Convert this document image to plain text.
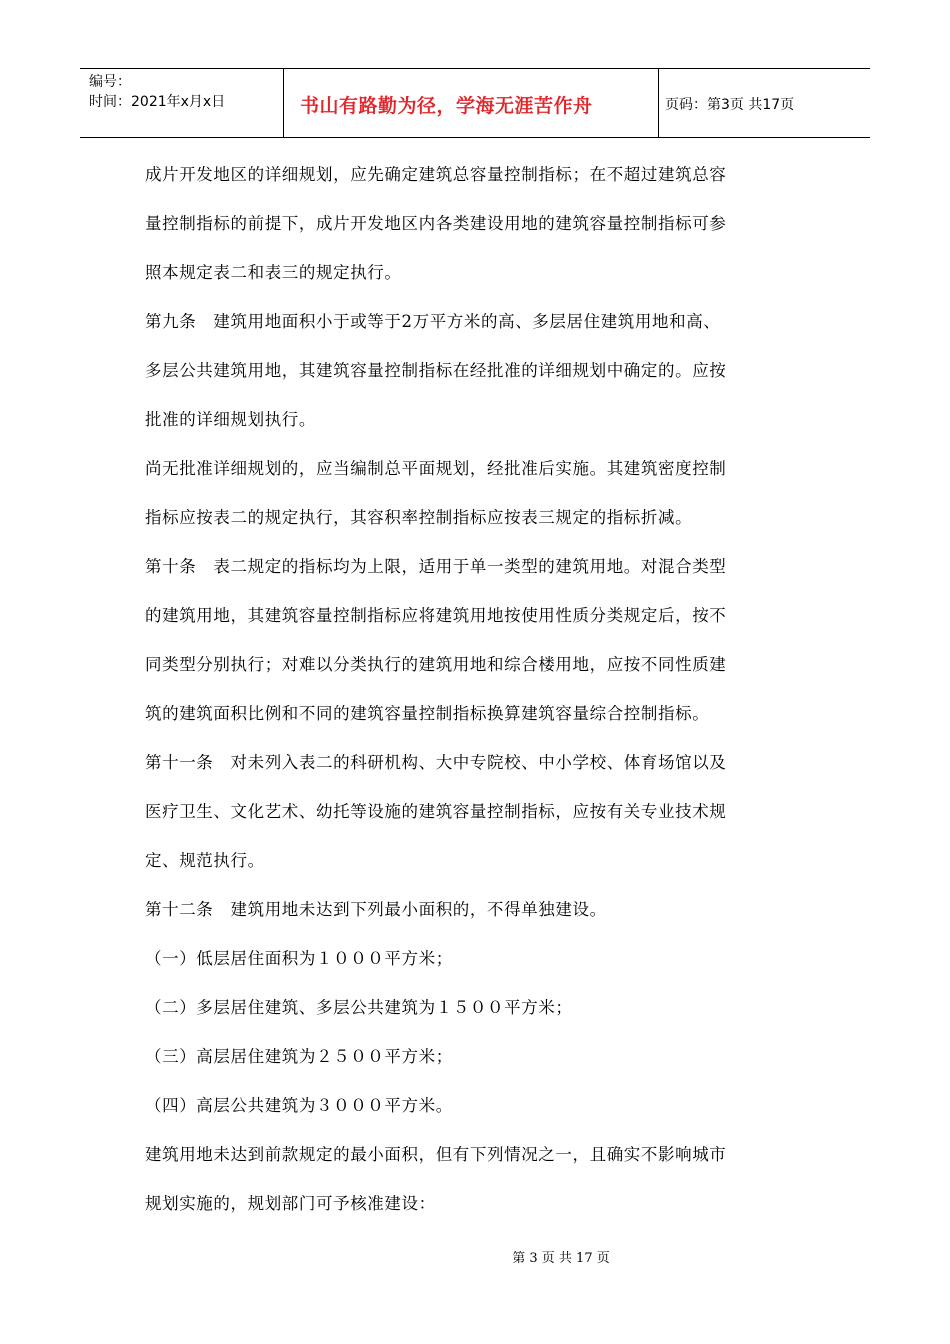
编号：
时间：2021年x月x日	书山有路勤为径，学海无涯苦作舟	页码：第3页 共17页
成片开发地区的详细规划，应先确定建筑总容量控制指标；在不超过建筑总容
量控制指标的前提下，成片开发地区内各类建设用地的建筑容量控制指标可参
照本规定表二和表三的规定执行。
第九条　建筑用地面积小于或等于2万平方米的高、多层居住建筑用地和高、
多层公共建筑用地，其建筑容量控制指标在经批准的详细规划中确定的。应按
批准的详细规划执行。
尚无批准详细规划的，应当编制总平面规划，经批准后实施。其建筑密度控制
指标应按表二的规定执行，其容积率控制指标应按表三规定的指标折减。
第十条　表二规定的指标均为上限，适用于单一类型的建筑用地。对混合类型
的建筑用地，其建筑容量控制指标应将建筑用地按使用性质分类规定后，按不
同类型分别执行；对难以分类执行的建筑用地和综合楼用地，应按不同性质建
筑的建筑面积比例和不同的建筑容量控制指标换算建筑容量综合控制指标。
第十一条　对未列入表二的科研机构、大中专院校、中小学校、体育场馆以及
医疗卫生、文化艺术、幼托等设施的建筑容量控制指标，应按有关专业技术规
定、规范执行。
第十二条　建筑用地未达到下列最小面积的，不得单独建设。
（一）低层居住面积为１０００平方米；
（二）多层居住建筑、多层公共建筑为１５００平方米；
（三）高层居住建筑为２５００平方米；
（四）高层公共建筑为３０００平方米。
建筑用地未达到前款规定的最小面积，但有下列情况之一，且确实不影响城市
规划实施的，规划部门可予核准建设：
第 3 页 共 17 页
